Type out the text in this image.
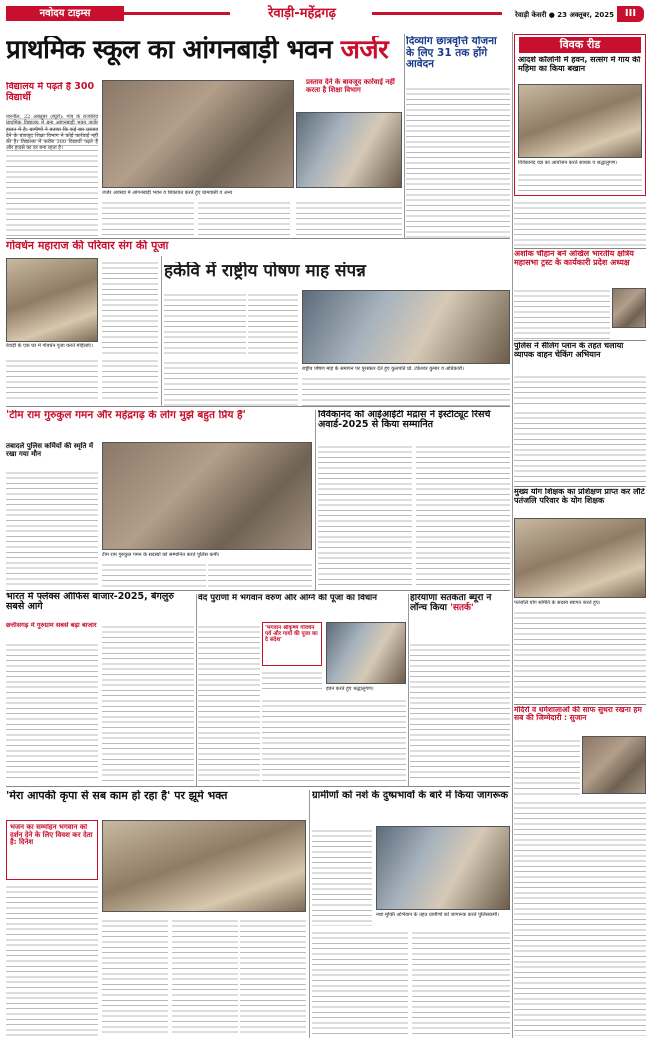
नवोदय टाइम्स	रेवाड़ी-महेंद्रगढ़	रेवाड़ी केसरी ● 23 अक्तूबर, 2025	III
प्राथमिक स्कूल का आंगनबाड़ी भवन जर्जर
विद्यालय में पढ़ते हैं 300 विद्यार्थी
नारनौल, 22 अक्तूबर (ब्यूरो): गांव के राजकीय प्राथमिक विद्यालय में बना आंगनबाड़ी भवन जर्जर हालत में है। ग्रामीणों ने बताया कि कई बार प्रस्ताव देने के बावजूद शिक्षा विभाग ने कोई कार्रवाई नहीं की है। विद्यालय में करीब 300 विद्यार्थी पढ़ते हैं और हादसे का डर बना रहता है।
जर्जर अवस्था में आंगनबाड़ी भवन व शिकायत करते हुए ग्रामवासी व अन्य
प्रस्ताव देने के बावजूद कार्रवाई नहीं करता है शिक्षा विभाग
दिव्यांग छात्रवृत्ति योजना के लिए 31 तक होंगे आवेदन
विवक रीड
आदर्श कॉलोनी में हवन, सत्संग में गाय की महिमा का किया बखान
विवेकानंद यज्ञ का आयोजन करते साधक व श्रद्धालुगण।
अशोक चौहान बने अखिल भारतीय क्षत्रिय महासभा ट्रस्ट के कार्यकारी प्रदेश अध्यक्ष
पुलिस ने सैलिंग प्लान के तहत चलाया व्यापक वाहन चेकिंग अभियान
गोवर्धन महाराज की परिवार संग की पूजा
रेवाड़ी के एक घर में गोवर्धन पूजा करते महिलाएं।
हकेवि में राष्ट्रीय पोषण माह संपन्न
राष्ट्रीय पोषण माह के समापन पर पुरस्कार देते हुए कुलपति प्रो. टंकेश्वर कुमार व अधिकारी।
'टीम राम गुरुकुल गमन और महेंद्रगढ़ के लोग मुझे बहुत प्रिय हैं'
तबादले पुलिस कर्मियों की स्मृति में रखा गया मौन
टीम राम गुरुकुल गमन के सदस्यों को सम्मानित करते पुलिस कर्मी।
विवेकानंद को आईआईटी मद्रास ने इंस्टीट्यूट रिसर्च अवार्ड-2025 से किया सम्मानित
मुख्य योग शिक्षक का प्रशिक्षण प्राप्त कर लौटे पतंजलि परिवार के योग शिक्षक
पतंजलि योग समिति के सदस्य स्वागत करते हुए।
भारत में फ्लेक्स ऑफिस बाजार-2025, बेंगलुरु सबसे आगे
छत्तीसगढ़ में गुरुग्राम सबसे बढ़ा बाजार
वेद पुराणों में भगवान वरुण और अग्नि की पूजा का विधान
'भगवान श्रीकृष्ण गोवर्धन पर्व और गायों की पूजा का दे संदेश'
हवन करते हुए श्रद्धालुगण।
हरियाणा सतर्कता ब्यूरो ने लॉन्च किया 'सतर्क'
मंदिरों व धर्मशालाओं की साफ सुथरा रखना हम सब की जिम्मेदारी : सुजान
'मेरा आपकी कृपा से सब काम हो रहा है' पर झूमे भक्त
भजन का सम्मोहन भगवान को दर्शन देने के लिए विवश कर देता है: दिनेश
ग्रामीणों को नशे के दुष्प्रभावों के बारे में किया जागरूक
नशा मुक्ति अभियान के तहत ग्रामीणों को जागरूक करते पुलिसकर्मी।
